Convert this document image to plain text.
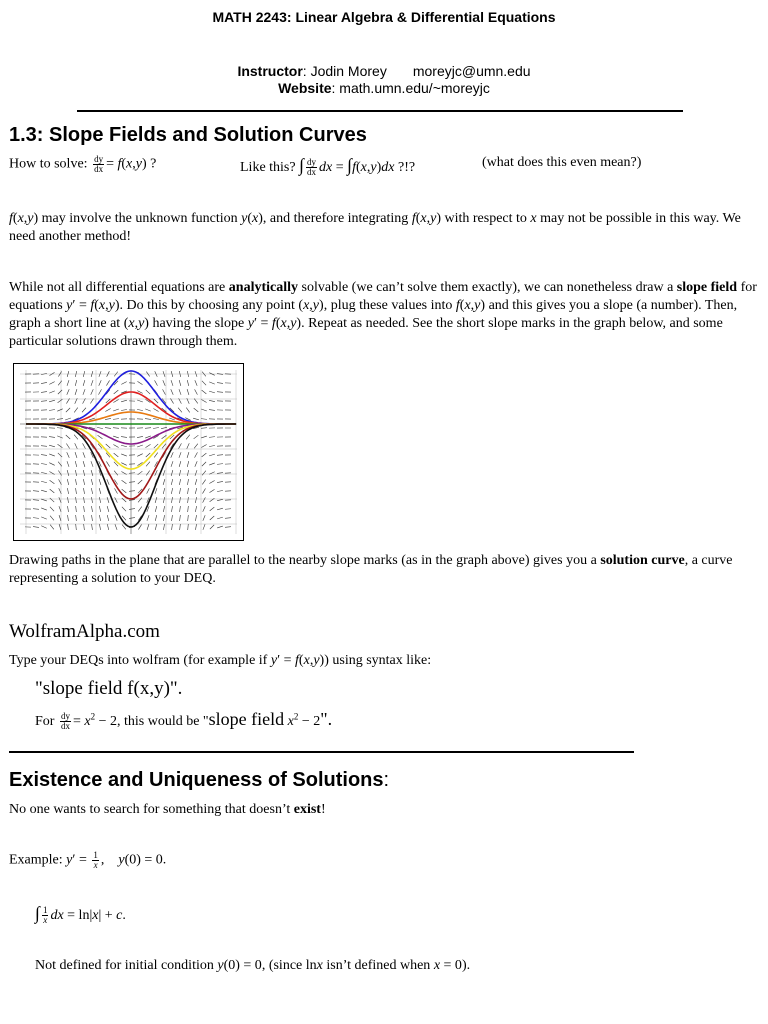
MATH 2243: Linear Algebra & Differential Equations
Instructor: Jodin Morey moreyjc@umn.edu
Website: math.umn.edu/~moreyjc
1.3: Slope Fields and Solution Curves
How to solve: $\frac{dy}{dx} = f(x,y)$ ?	Like this? ∫ $\frac{dy}{dx}$ dx = ∫f(x,y)dx ?!?	(what does this even mean?)
f(x,y) may involve the unknown function y(x), and therefore integrating f(x,y) with respect to x may not be possible in this way. We need another method!
While not all differential equations are analytically solvable (we can’t solve them exactly), we can nonetheless draw a slope field for equations y′ = f(x,y). Do this by choosing any point (x,y), plug these values into f(x,y) and this gives you a slope (a number). Then, graph a short line at (x,y) having the slope y′ = f(x,y). Repeat as needed. See the short slope marks in the graph below, and some particular solutions drawn through them.
Drawing paths in the plane that are parallel to the nearby slope marks (as in the graph above) gives you a solution curve, a curve representing a solution to your DEQ.
WolframAlpha.com
Type your DEQs into wolfram (for example if y′ = f(x,y)) using syntax like:
"slope field f(x,y)".
For $\frac{dy}{dx} = x^2 - 2$, this would be "slope field $x^2 - 2$".
Existence and Uniqueness of Solutions:
No one wants to search for something that doesn’t exist!
Example: $y' = \frac{1}{x}$ ,    y(0) = 0.
∫ $\frac{1}{x}$ dx = ln|x| + c.
Not defined for initial condition y(0) = 0, (since lnx isn’t defined when x = 0).
